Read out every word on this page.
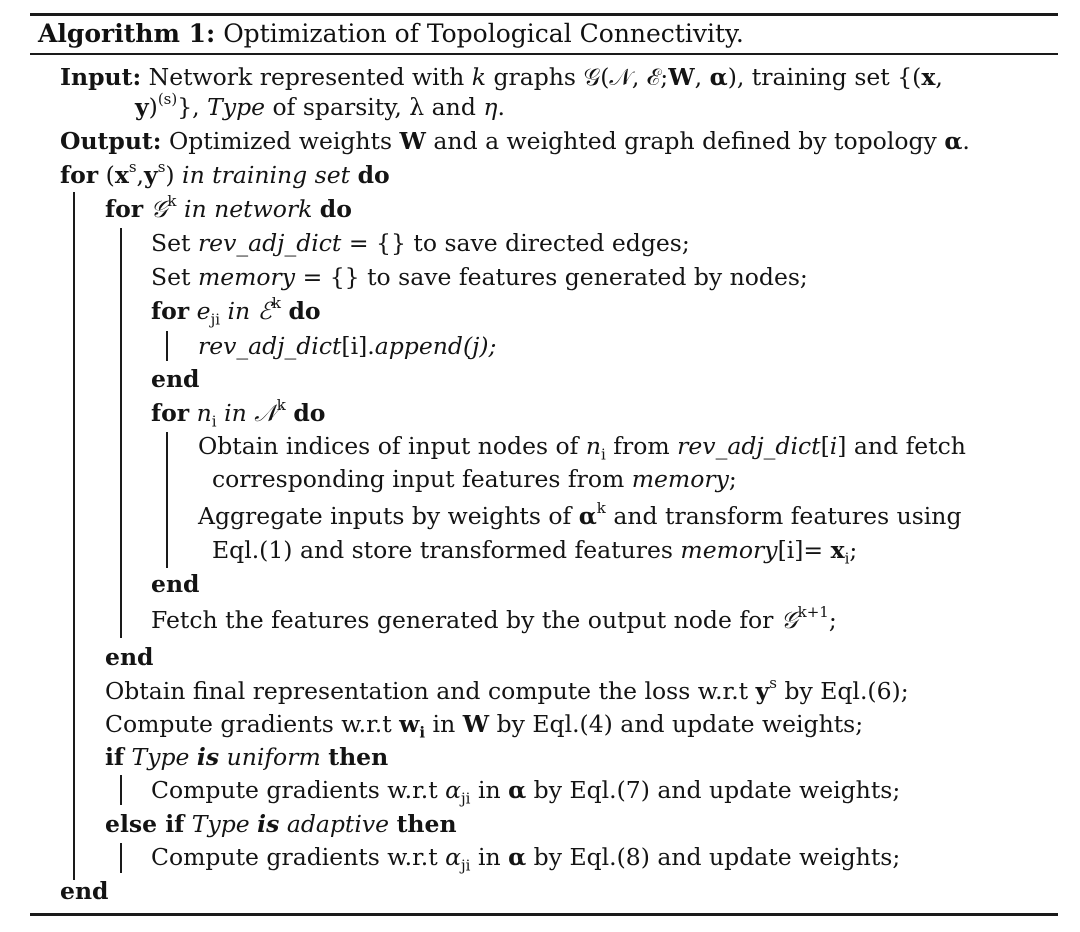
Algorithm 1: Optimization of Topological Connectivity.
Input: Network represented with k graphs 𝒢(𝒩, ℰ;W, α), training set {(x,
y)$^{(s)}$}, Type of sparsity, λ and η.
Output: Optimized weights W and a weighted graph defined by topology α.
for $(x^s,y^s)$ in training set do
for 𝒢$^k$ in network do
Set rev_adj_dict = {} to save directed edges;
Set memory = {} to save features generated by nodes;
for $e_{ji}$ in ℰ$^k$ do
rev_adj_dict[i].append(j);
end
for $n_i$ in 𝒩$^k$ do
Obtain indices of input nodes of $n_i$ from rev_adj_dict[i] and fetch
corresponding input features from memory;
Aggregate inputs by weights of $\alpha^k$ and transform features using
Eql.(1) and store transformed features memory[i]= $x_i$;
end
Fetch the features generated by the output node for 𝒢$^{k+1}$;
end
Obtain final representation and compute the loss w.r.t $y^s$ by Eql.(6);
Compute gradients w.r.t $w_i$ in W by Eql.(4) and update weights;
if Type is uniform then
Compute gradients w.r.t $\alpha_{ji}$ in α by Eql.(7) and update weights;
else if Type is adaptive then
Compute gradients w.r.t $\alpha_{ji}$ in α by Eql.(8) and update weights;
end
